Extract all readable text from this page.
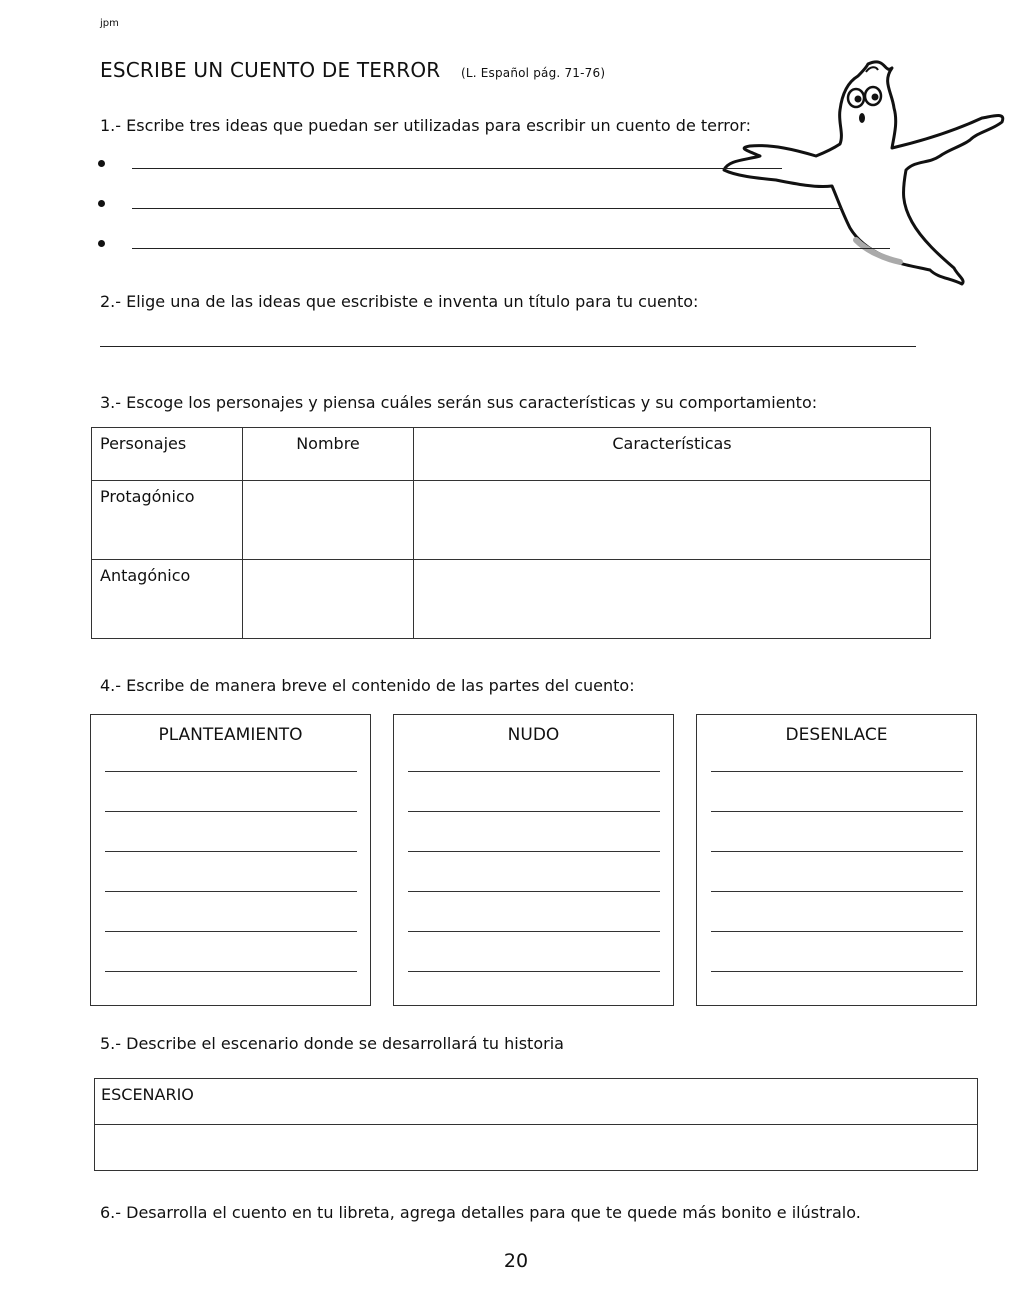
jpm
ESCRIBE UN CUENTO DE TERROR (L. Español pág. 71-76)
1.- Escribe tres ideas que puedan ser utilizadas para escribir un cuento de terror:
2.- Elige una de las ideas que escribiste e inventa un título para tu cuento:
3.- Escoge los personajes y piensa cuáles serán sus características y su comportamiento:
Personajes	Nombre	Características
Protagónico		
Antagónico		
4.- Escribe de manera breve el contenido de las partes del cuento:
PLANTEAMIENTO	NUDO	DESENLACE
5.- Describe el escenario donde se desarrollará tu historia
ESCENARIO
6.- Desarrolla el cuento en tu libreta, agrega detalles para que te quede más bonito e ilústralo.
20
